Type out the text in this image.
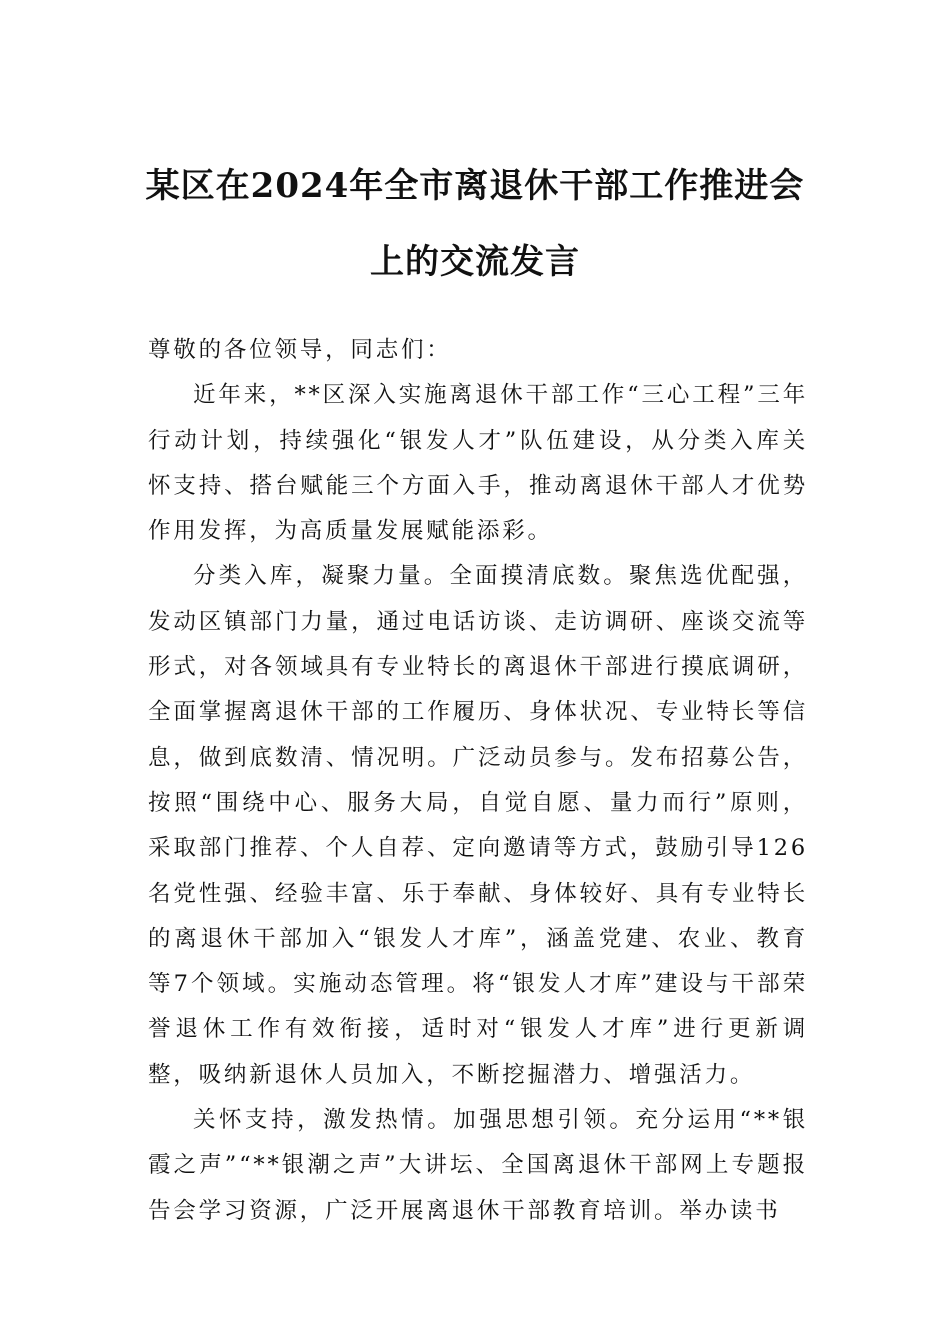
某区在2024年全市离退休干部工作推进会
上的交流发言

尊敬的各位领导，同志们：

近年来，**区深入实施离退休干部工作“三心工程”三年行动计划，持续强化“银发人才”队伍建设，从分类入库关怀支持、搭台赋能三个方面入手，推动离退休干部人才优势作用发挥，为高质量发展赋能添彩。

分类入库，凝聚力量。全面摸清底数。聚焦选优配强，发动区镇部门力量，通过电话访谈、走访调研、座谈交流等形式，对各领域具有专业特长的离退休干部进行摸底调研，全面掌握离退休干部的工作履历、身体状况、专业特长等信息，做到底数清、情况明。广泛动员参与。发布招募公告，按照“围绕中心、服务大局，自觉自愿、量力而行”原则，采取部门推荐、个人自荐、定向邀请等方式，鼓励引导126名党性强、经验丰富、乐于奉献、身体较好、具有专业特长的离退休干部加入“银发人才库”，涵盖党建、农业、教育等7个领域。实施动态管理。将“银发人才库”建设与干部荣誉退休工作有效衔接，适时对“银发人才库”进行更新调整，吸纳新退休人员加入，不断挖掘潜力、增强活力。

关怀支持，激发热情。加强思想引领。充分运用“**银霞之声”“**银潮之声”大讲坛、全国离退休干部网上专题报告会学习资源，广泛开展离退休干部教育培训。举办读书
